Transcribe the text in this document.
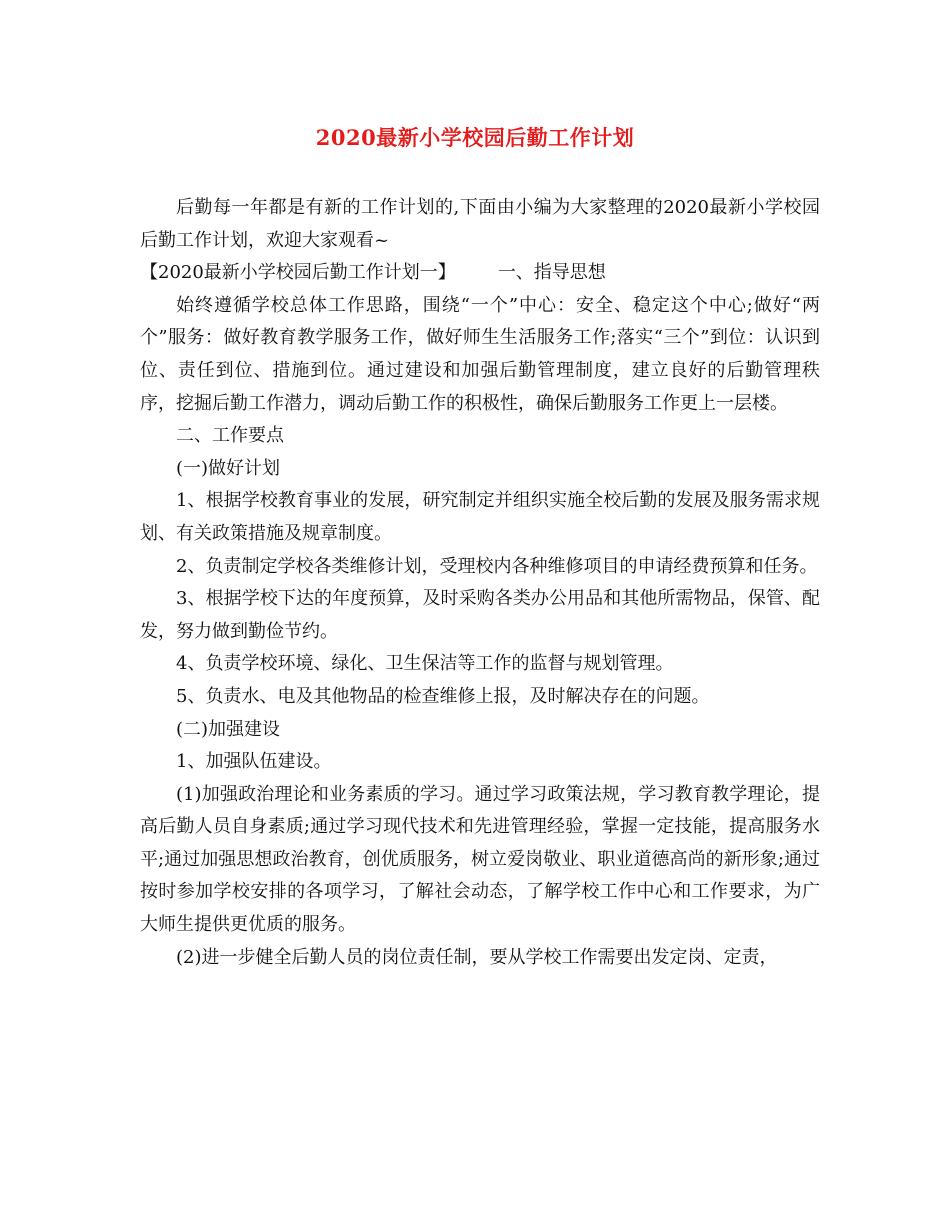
2020最新小学校园后勤工作计划

后勤每一年都是有新的工作计划的,下面由小编为大家整理的2020最新小学校园后勤工作计划，欢迎大家观看~

【2020最新小学校园后勤工作计划一】 一、指导思想

始终遵循学校总体工作思路，围绕“一个”中心：安全、稳定这个中心;做好“两个”服务：做好教育教学服务工作，做好师生生活服务工作;落实“三个”到位：认识到位、责任到位、措施到位。通过建设和加强后勤管理制度，建立良好的后勤管理秩序，挖掘后勤工作潜力，调动后勤工作的积极性，确保后勤服务工作更上一层楼。

二、工作要点

(一)做好计划

1、根据学校教育事业的发展，研究制定并组织实施全校后勤的发展及服务需求规划、有关政策措施及规章制度。

2、负责制定学校各类维修计划，受理校内各种维修项目的申请经费预算和任务。

3、根据学校下达的年度预算，及时采购各类办公用品和其他所需物品，保管、配发，努力做到勤俭节约。

4、负责学校环境、绿化、卫生保洁等工作的监督与规划管理。

5、负责水、电及其他物品的检查维修上报，及时解决存在的问题。

(二)加强建设

1、加强队伍建设。

(1)加强政治理论和业务素质的学习。通过学习政策法规，学习教育教学理论，提高后勤人员自身素质;通过学习现代技术和先进管理经验，掌握一定技能，提高服务水平;通过加强思想政治教育，创优质服务，树立爱岗敬业、职业道德高尚的新形象;通过按时参加学校安排的各项学习，了解社会动态，了解学校工作中心和工作要求，为广大师生提供更优质的服务。

(2)进一步健全后勤人员的岗位责任制，要从学校工作需要出发定岗、定责，
